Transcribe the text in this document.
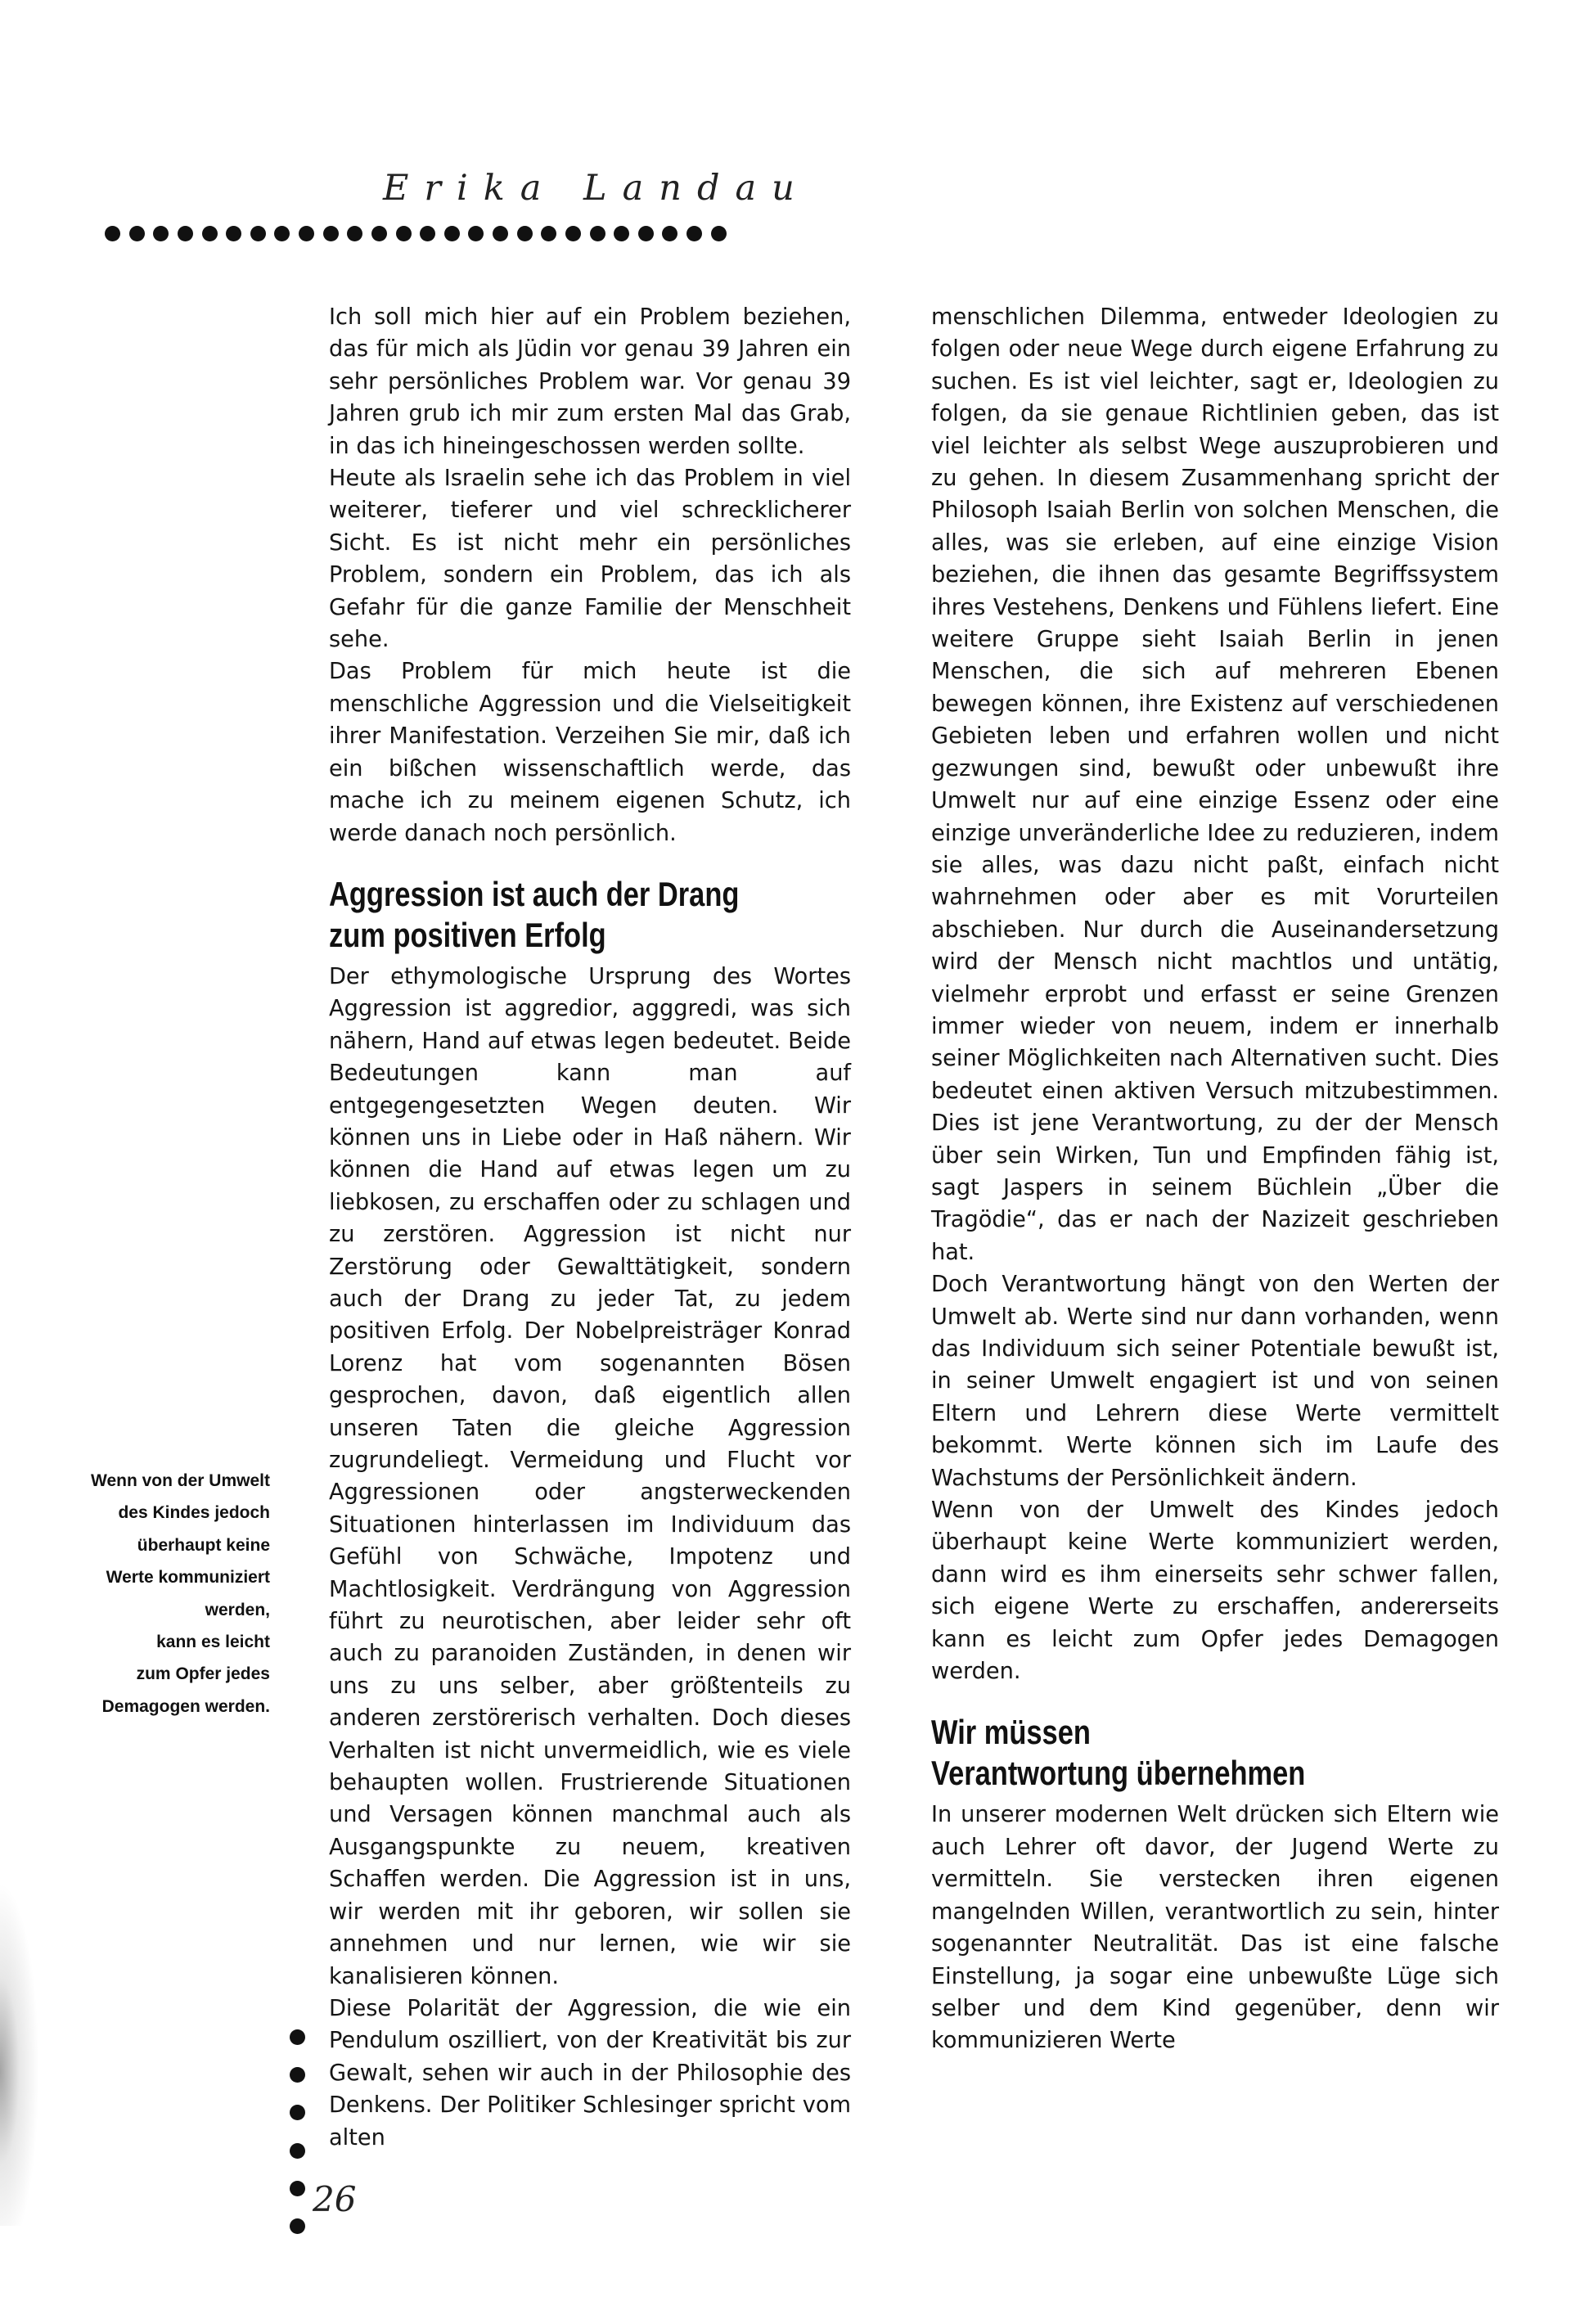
Erika Landau
Wenn von der Umwelt
des Kindes jedoch
überhaupt keine
Werte kommuniziert
werden,
kann es leicht
zum Opfer jedes
Demagogen werden.

Ich soll mich hier auf ein Problem beziehen, das für mich als Jüdin vor genau 39 Jahren ein sehr persönliches Problem war. Vor genau 39 Jahren grub ich mir zum ersten Mal das Grab, in das ich hineingeschossen werden sollte.

Heute als Israelin sehe ich das Problem in viel weiterer, tieferer und viel schrecklicherer Sicht. Es ist nicht mehr ein persönliches Problem, sondern ein Problem, das ich als Gefahr für die ganze Familie der Menschheit sehe.

Das Problem für mich heute ist die menschliche Aggression und die Vielseitigkeit ihrer Manifestation. Verzeihen Sie mir, daß ich ein bißchen wissenschaftlich werde, das mache ich zu meinem eigenen Schutz, ich werde danach noch persönlich.

Aggression ist auch der Drang
zum positiven Erfolg

Der ethymologische Ursprung des Wortes Aggression ist aggredior, agggredi, was sich nähern, Hand auf etwas legen bedeutet. Beide Bedeutungen kann man auf entgegengesetzten Wegen deuten. Wir können uns in Liebe oder in Haß nähern. Wir können die Hand auf etwas legen um zu liebkosen, zu erschaffen oder zu schlagen und zu zerstören. Aggression ist nicht nur Zerstörung oder Gewalttätigkeit, sondern auch der Drang zu jeder Tat, zu jedem positiven Erfolg. Der Nobelpreisträger Konrad Lorenz hat vom sogenannten Bösen gesprochen, davon, daß eigentlich allen unseren Taten die gleiche Aggression zugrundeliegt. Vermeidung und Flucht vor Aggressionen oder angsterweckenden Situationen hinterlassen im Individuum das Gefühl von Schwäche, Impotenz und Machtlosigkeit. Verdrängung von Aggression führt zu neurotischen, aber leider sehr oft auch zu paranoiden Zuständen, in denen wir uns zu uns selber, aber größtenteils zu anderen zerstörerisch verhalten. Doch dieses Verhalten ist nicht unvermeidlich, wie es viele behaupten wollen. Frustrierende Situationen und Versagen können manchmal auch als Ausgangspunkte zu neuem, kreativen Schaffen werden. Die Aggression ist in uns, wir werden mit ihr geboren, wir sollen sie annehmen und nur lernen, wie wir sie kanalisieren können.

Diese Polarität der Aggression, die wie ein Pendulum oszilliert, von der Kreativität bis zur Gewalt, sehen wir auch in der Philosophie des Denkens. Der Politiker Schlesinger spricht vom alten

menschlichen Dilemma, entweder Ideologien zu folgen oder neue Wege durch eigene Erfahrung zu suchen. Es ist viel leichter, sagt er, Ideologien zu folgen, da sie genaue Richtlinien geben, das ist viel leichter als selbst Wege auszuprobieren und zu gehen. In diesem Zusammenhang spricht der Philosoph Isaiah Berlin von solchen Menschen, die alles, was sie erleben, auf eine einzige Vision beziehen, die ihnen das gesamte Begriffssystem ihres Vestehens, Denkens und Fühlens liefert. Eine weitere Gruppe sieht Isaiah Berlin in jenen Menschen, die sich auf mehreren Ebenen bewegen können, ihre Existenz auf verschiedenen Gebieten leben und erfahren wollen und nicht gezwungen sind, bewußt oder unbewußt ihre Umwelt nur auf eine einzige Essenz oder eine einzige unveränderliche Idee zu reduzieren, indem sie alles, was dazu nicht paßt, einfach nicht wahrnehmen oder aber es mit Vorurteilen abschieben. Nur durch die Auseinandersetzung wird der Mensch nicht machtlos und untätig, vielmehr erprobt und erfasst er seine Grenzen immer wieder von neuem, indem er innerhalb seiner Möglichkeiten nach Alternativen sucht. Dies bedeutet einen aktiven Versuch mitzubestimmen. Dies ist jene Verantwortung, zu der der Mensch über sein Wirken, Tun und Empfinden fähig ist, sagt Jaspers in seinem Büchlein „Über die Tragödie“, das er nach der Nazizeit geschrieben hat.

Doch Verantwortung hängt von den Werten der Umwelt ab. Werte sind nur dann vorhanden, wenn das Individuum sich seiner Potentiale bewußt ist, in seiner Umwelt engagiert ist und von seinen Eltern und Lehrern diese Werte vermittelt bekommt. Werte können sich im Laufe des Wachstums der Persönlichkeit ändern.

Wenn von der Umwelt des Kindes jedoch überhaupt keine Werte kommuniziert werden, dann wird es ihm einerseits sehr schwer fallen, sich eigene Werte zu erschaffen, andererseits kann es leicht zum Opfer jedes Demagogen werden.

Wir müssen
Verantwortung übernehmen

In unserer modernen Welt drücken sich Eltern wie auch Lehrer oft davor, der Jugend Werte zu vermitteln. Sie verstecken ihren eigenen mangelnden Willen, verantwortlich zu sein, hinter sogenannter Neutralität. Das ist eine falsche Einstellung, ja sogar eine unbewußte Lüge sich selber und dem Kind gegenüber, denn wir kommunizieren Werte

26
